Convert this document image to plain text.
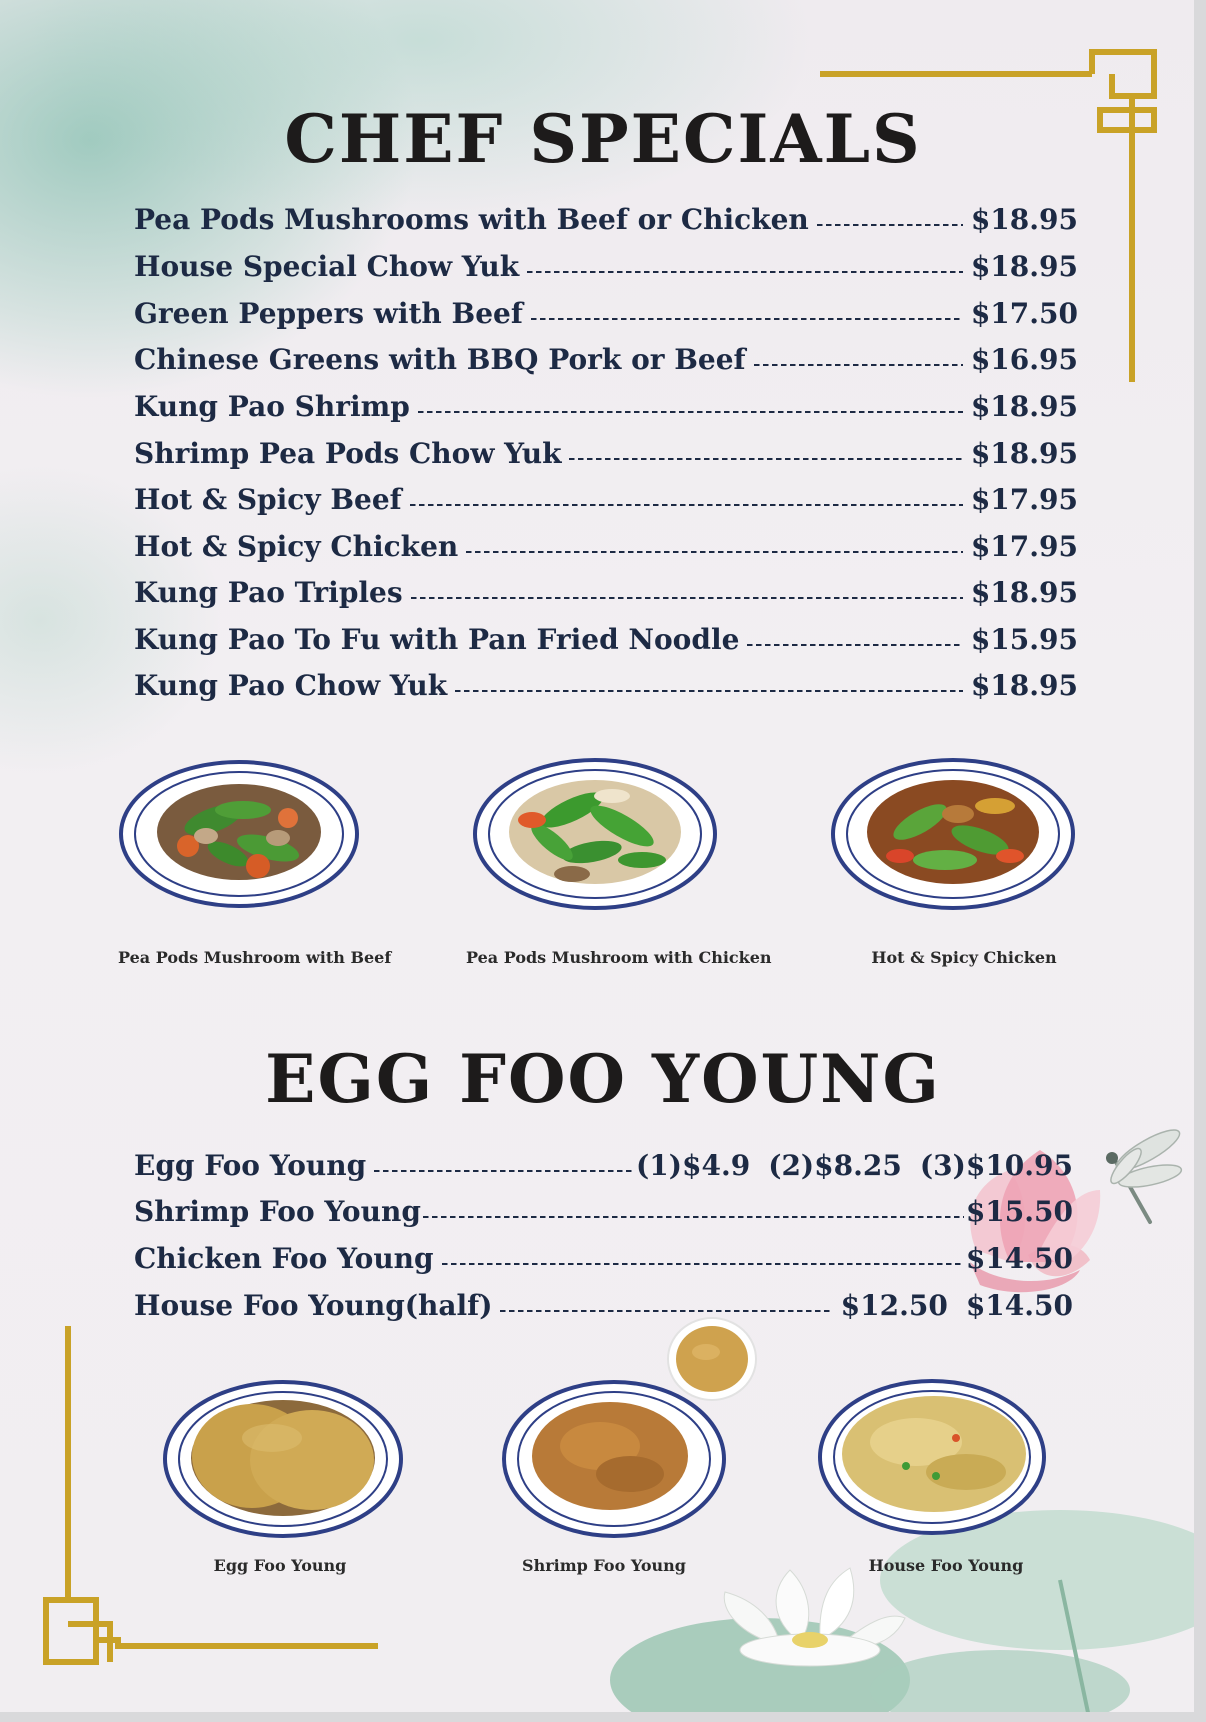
CHEF SPECIALS
Pea Pods Mushrooms with Beef or Chicken	$18.95
House Special Chow Yuk	$18.95
Green Peppers with Beef	$17.50
Chinese Greens with BBQ Pork or Beef	$16.95
Kung Pao Shrimp	$18.95
Shrimp Pea Pods Chow Yuk	$18.95
Hot & Spicy Beef	$17.95
Hot & Spicy Chicken	$17.95
Kung Pao Triples	$18.95
Kung Pao To Fu with Pan Fried Noodle	$15.95
Kung Pao Chow Yuk	$18.95
Pea Pods Mushroom with Beef	Pea Pods Mushroom with Chicken	Hot & Spicy Chicken
EGG FOO YOUNG
Egg Foo Young	(1)$4.9 (2)$8.25 (3)$10.95
Shrimp Foo Young	$15.50
Chicken Foo Young	$14.50
House Foo Young(half)	$12.50 $14.50
Egg Foo Young	Shrimp Foo Young	House Foo Young
